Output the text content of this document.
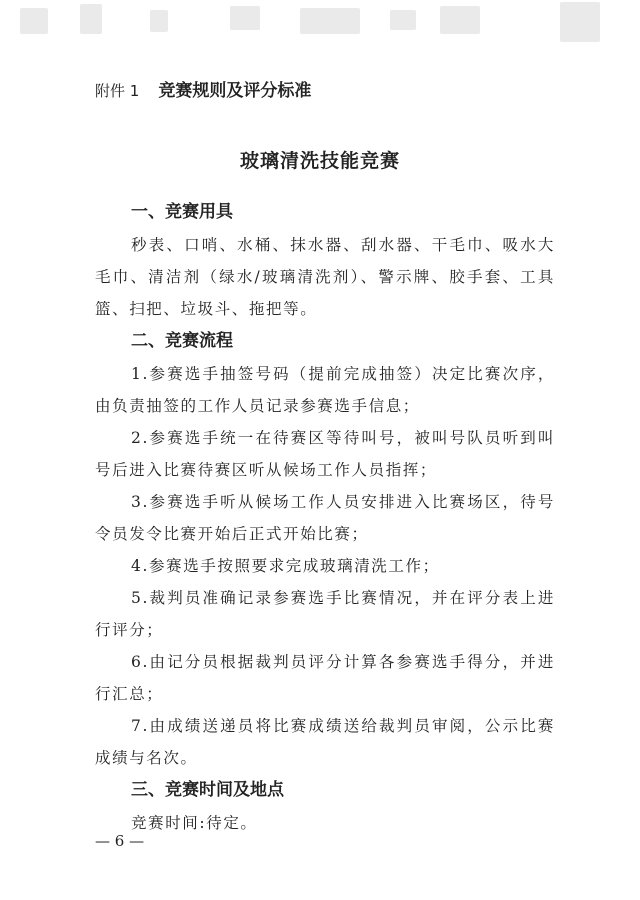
附件 1 竞赛规则及评分标准
玻璃清洗技能竞赛
一、竞赛用具

秒表、口哨、水桶、抹水器、刮水器、干毛巾、吸水大毛巾、清洁剂（绿水/玻璃清洗剂）、警示牌、胶手套、工具篮、扫把、垃圾斗、拖把等。

二、竞赛流程

1.参赛选手抽签号码（提前完成抽签）决定比赛次序，由负责抽签的工作人员记录参赛选手信息；

2.参赛选手统一在待赛区等待叫号，被叫号队员听到叫号后进入比赛待赛区听从候场工作人员指挥；

3.参赛选手听从候场工作人员安排进入比赛场区，待号令员发令比赛开始后正式开始比赛；

4.参赛选手按照要求完成玻璃清洗工作；

5.裁判员准确记录参赛选手比赛情况，并在评分表上进行评分；

6.由记分员根据裁判员评分计算各参赛选手得分，并进行汇总；

7.由成绩送递员将比赛成绩送给裁判员审阅，公示比赛成绩与名次。

三、竞赛时间及地点

竞赛时间:待定。

— 6 —
